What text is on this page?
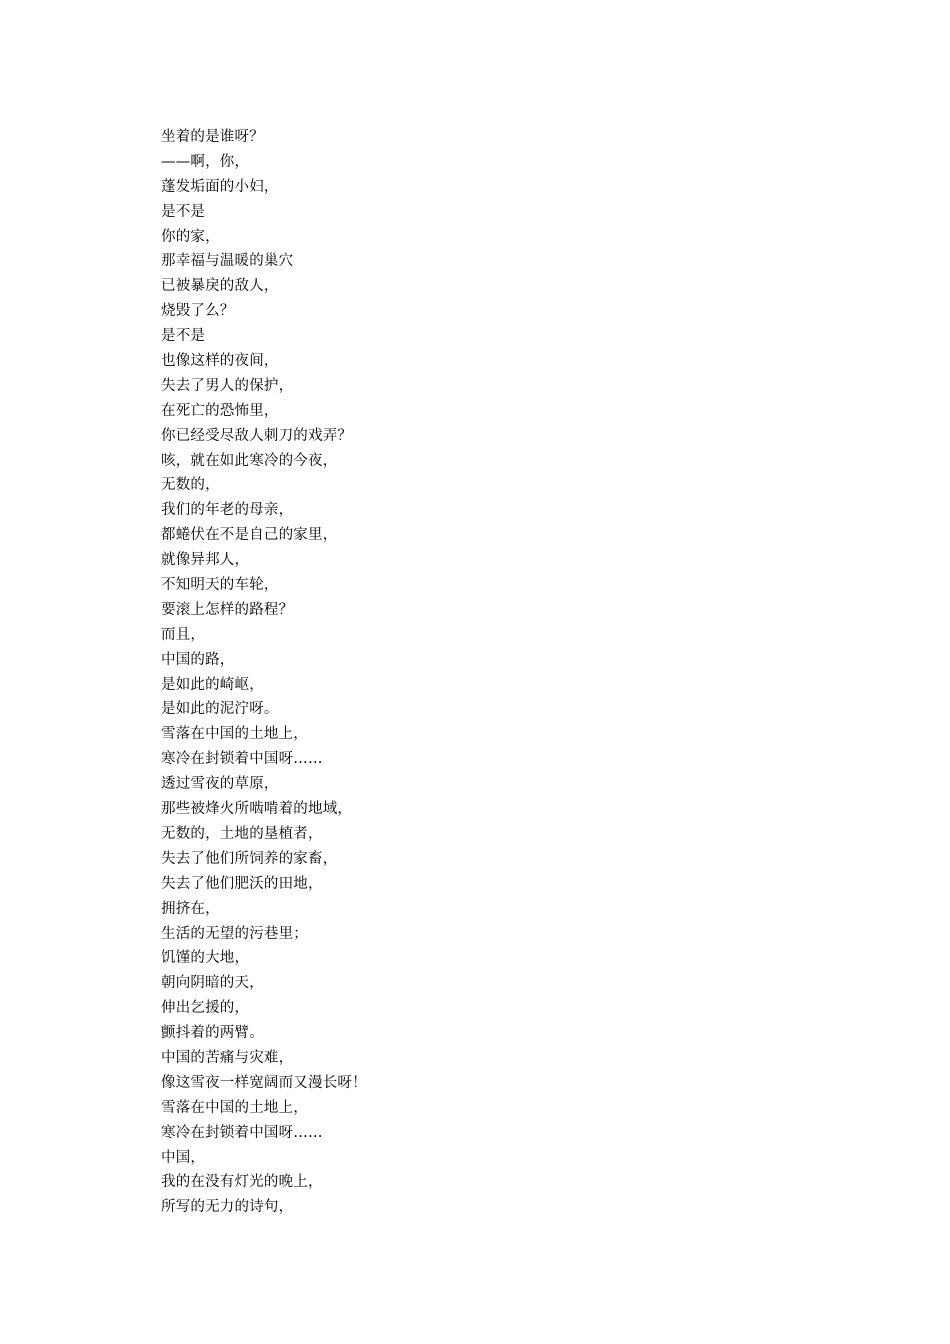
坐着的是谁呀？
——啊，你，
蓬发垢面的小妇，
是不是
你的家，
那幸福与温暖的巢穴
已被暴戾的敌人，
烧毁了么？
是不是
也像这样的夜间，
失去了男人的保护，
在死亡的恐怖里，
你已经受尽敌人刺刀的戏弄？
咳，就在如此寒冷的今夜，
无数的，
我们的年老的母亲，
都蜷伏在不是自己的家里，
就像异邦人，
不知明天的车轮，
要滚上怎样的路程？
而且，
中国的路，
是如此的崎岖，
是如此的泥泞呀。
雪落在中国的土地上，
寒冷在封锁着中国呀……
透过雪夜的草原，
那些被烽火所啮啃着的地域，
无数的，土地的垦植者，
失去了他们所饲养的家畜，
失去了他们肥沃的田地，
拥挤在，
生活的无望的污巷里；
饥馑的大地，
朝向阴暗的天，
伸出乞援的，
颤抖着的两臂。
中国的苦痛与灾难，
像这雪夜一样宽阔而又漫长呀！
雪落在中国的土地上，
寒冷在封锁着中国呀……
中国，
我的在没有灯光的晚上，
所写的无力的诗句，
